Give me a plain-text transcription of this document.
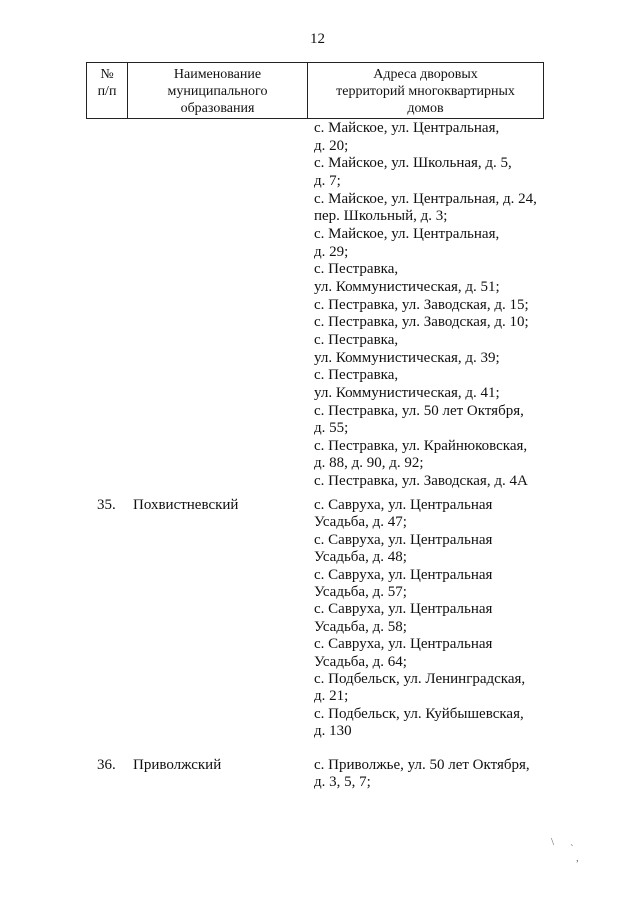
12
№
п/п
Наименование
муниципального
образования
Адреса дворовых
территорий многоквартирных
домов
с. Майское, ул. Центральная,
д. 20;
с. Майское, ул. Школьная, д. 5,
д. 7;
с. Майское, ул. Центральная, д. 24,
пер. Школьный, д. 3;
с. Майское, ул. Центральная,
д. 29;
с. Пестравка,
ул. Коммунистическая, д. 51;
с. Пестравка, ул. Заводская, д. 15;
с. Пестравка, ул. Заводская, д. 10;
с. Пестравка,
ул. Коммунистическая, д. 39;
с. Пестравка,
ул. Коммунистическая, д. 41;
с. Пестравка, ул. 50 лет Октября,
д. 55;
с. Пестравка, ул. Крайнюковская,
д. 88, д. 90, д. 92;
с. Пестравка, ул. Заводская, д. 4А
35. Похвистневский	с. Савруха, ул. Центральная
Усадьба, д. 47;
с. Савруха, ул. Центральная
Усадьба, д. 48;
с. Савруха, ул. Центральная
Усадьба, д. 57;
с. Савруха, ул. Центральная
Усадьба, д. 58;
с. Савруха, ул. Центральная
Усадьба, д. 64;
с. Подбельск, ул. Ленинградская,
д. 21;
с. Подбельск, ул. Куйбышевская,
д. 130
36. Приволжский	с. Приволжье, ул. 50 лет Октября,
д. 3, 5, 7;
\
`
,
